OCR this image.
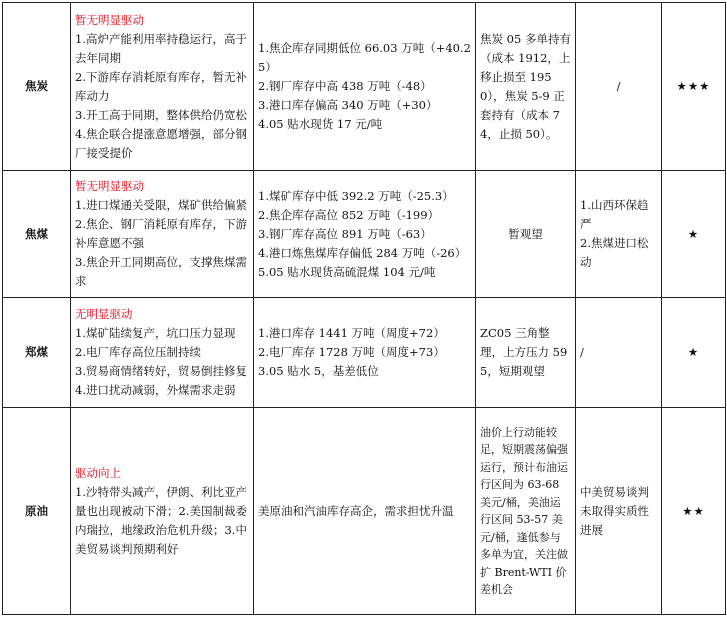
焦炭	暂无明显驱动
1.高炉产能利用率持稳运行，高于去年同期
2.下游库存消耗原有库存，暂无补库动力
3.开工高于同期，整体供给仍宽松
4.焦企联合提涨意愿增强，部分钢厂接受提价	1.焦企库存同期低位 66.03 万吨（+40.25）
2.钢厂库存中高 438 万吨（-48）
3.港口库存偏高 340 万吨（+30）
4.05 贴水现货 17 元/吨	焦炭 05 多单持有（成本 1912，上移止损至 1950），焦炭 5-9 正套持有（成本 74，止损 50）。	/	★★★
焦煤	暂无明显驱动
1.进口煤通关受限，煤矿供给偏紧
2.焦企、钢厂消耗原有库存，下游补库意愿不强
3.焦企开工同期高位，支撑焦煤需求	1.煤矿库存中低 392.2 万吨（-25.3）
2.焦企库存高位 852 万吨（-199）
3.钢厂库存高位 891 万吨（-63）
4.港口炼焦煤库存偏低 284 万吨（-26）
5.05 贴水现货高硫混煤 104 元/吨	暂观望	1.山西环保趋严
2.焦煤进口松动	★
郑煤	无明显驱动
1.煤矿陆续复产，坑口压力显现
2.电厂库存高位压制持续
3.贸易商情绪转好，贸易倒挂修复
4.进口扰动减弱，外煤需求走弱	1.港口库存 1441 万吨（周度+72）
2.电厂库存 1728 万吨（周度+73）
3.05 贴水 5，基差低位	ZC05 三角整理，上方压力 595，短期观望	/	★
原油	驱动向上
1.沙特带头减产，伊朗、利比亚产量也出现被动下滑；2.美国制裁委内瑞拉，地缘政治危机升级；3.中美贸易谈判预期利好	美原油和汽油库存高企，需求担忧升温	油价上行动能较足，短期震荡偏强运行，预计布油运行区间为 63-68 美元/桶，美油运行区间 53-57 美元/桶，逢低参与多单为宜，关注做扩 Brent-WTI 价差机会	中美贸易谈判未取得实质性进展	★★
